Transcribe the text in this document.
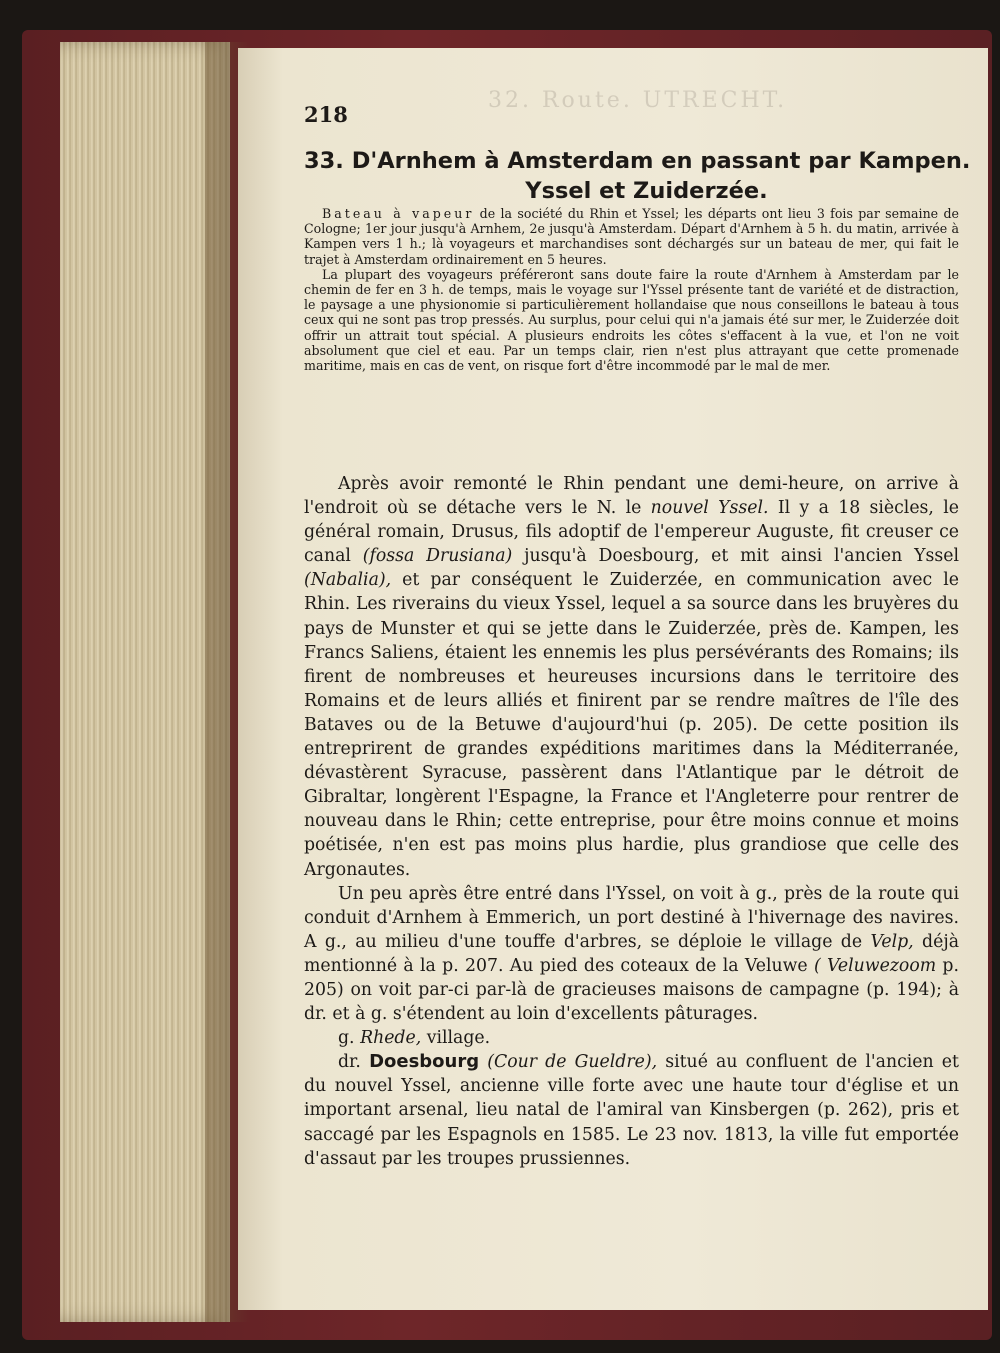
32. Route. UTRECHT.
218
33. D'Arnhem à Amsterdam en passant par Kampen.
Yssel et Zuiderzée.

Bateau à vapeur de la société du Rhin et Yssel; les départs ont lieu 3 fois par semaine de Cologne; 1er jour jusqu'à Arnhem, 2e jusqu'à Amsterdam. Départ d'Arnhem à 5 h. du matin, arrivée à Kampen vers 1 h.; là voyageurs et marchandises sont déchargés sur un bateau de mer, qui fait le trajet à Amsterdam ordinairement en 5 heures.

La plupart des voyageurs préféreront sans doute faire la route d'Arnhem à Amsterdam par le chemin de fer en 3 h. de temps, mais le voyage sur l'Yssel présente tant de variété et de distraction, le paysage a une physionomie si particulièrement hollandaise que nous conseillons le bateau à tous ceux qui ne sont pas trop pressés. Au surplus, pour celui qui n'a jamais été sur mer, le Zuiderzée doit offrir un attrait tout spécial. A plusieurs endroits les côtes s'effacent à la vue, et l'on ne voit absolument que ciel et eau. Par un temps clair, rien n'est plus attrayant que cette promenade maritime, mais en cas de vent, on risque fort d'être incommodé par le mal de mer.

Après avoir remonté le Rhin pendant une demi-heure, on arrive à l'endroit où se détache vers le N. le nouvel Yssel. Il y a 18 siècles, le général romain, Drusus, fils adoptif de l'empereur Auguste, fit creuser ce canal (fossa Drusiana) jusqu'à Doesbourg, et mit ainsi l'ancien Yssel (Nabalia), et par conséquent le Zuiderzée, en communication avec le Rhin. Les riverains du vieux Yssel, lequel a sa source dans les bruyères du pays de Munster et qui se jette dans le Zuiderzée, près de. Kampen, les Francs Saliens, étaient les ennemis les plus persévérants des Romains; ils firent de nombreuses et heureuses incursions dans le territoire des Romains et de leurs alliés et finirent par se rendre maîtres de l'île des Bataves ou de la Betuwe d'aujourd'hui (p. 205). De cette position ils entreprirent de grandes expéditions maritimes dans la Méditerranée, dévastèrent Syracuse, passèrent dans l'Atlantique par le détroit de Gibraltar, longèrent l'Espagne, la France et l'Angleterre pour rentrer de nouveau dans le Rhin; cette entreprise, pour être moins connue et moins poétisée, n'en est pas moins plus hardie, plus grandiose que celle des Argonautes.

Un peu après être entré dans l'Yssel, on voit à g., près de la route qui conduit d'Arnhem à Emmerich, un port destiné à l'hivernage des navires. A g., au milieu d'une touffe d'arbres, se déploie le village de Velp, déjà mentionné à la p. 207. Au pied des coteaux de la Veluwe ( Veluwezoom p. 205) on voit par-ci par-là de gracieuses maisons de campagne (p. 194); à dr. et à g. s'étendent au loin d'excellents pâturages.

g. Rhede, village.

dr. Doesbourg (Cour de Gueldre), situé au confluent de l'ancien et du nouvel Yssel, ancienne ville forte avec une haute tour d'église et un important arsenal, lieu natal de l'amiral van Kinsbergen (p. 262), pris et saccagé par les Espagnols en 1585. Le 23 nov. 1813, la ville fut emportée d'assaut par les troupes prussiennes.
